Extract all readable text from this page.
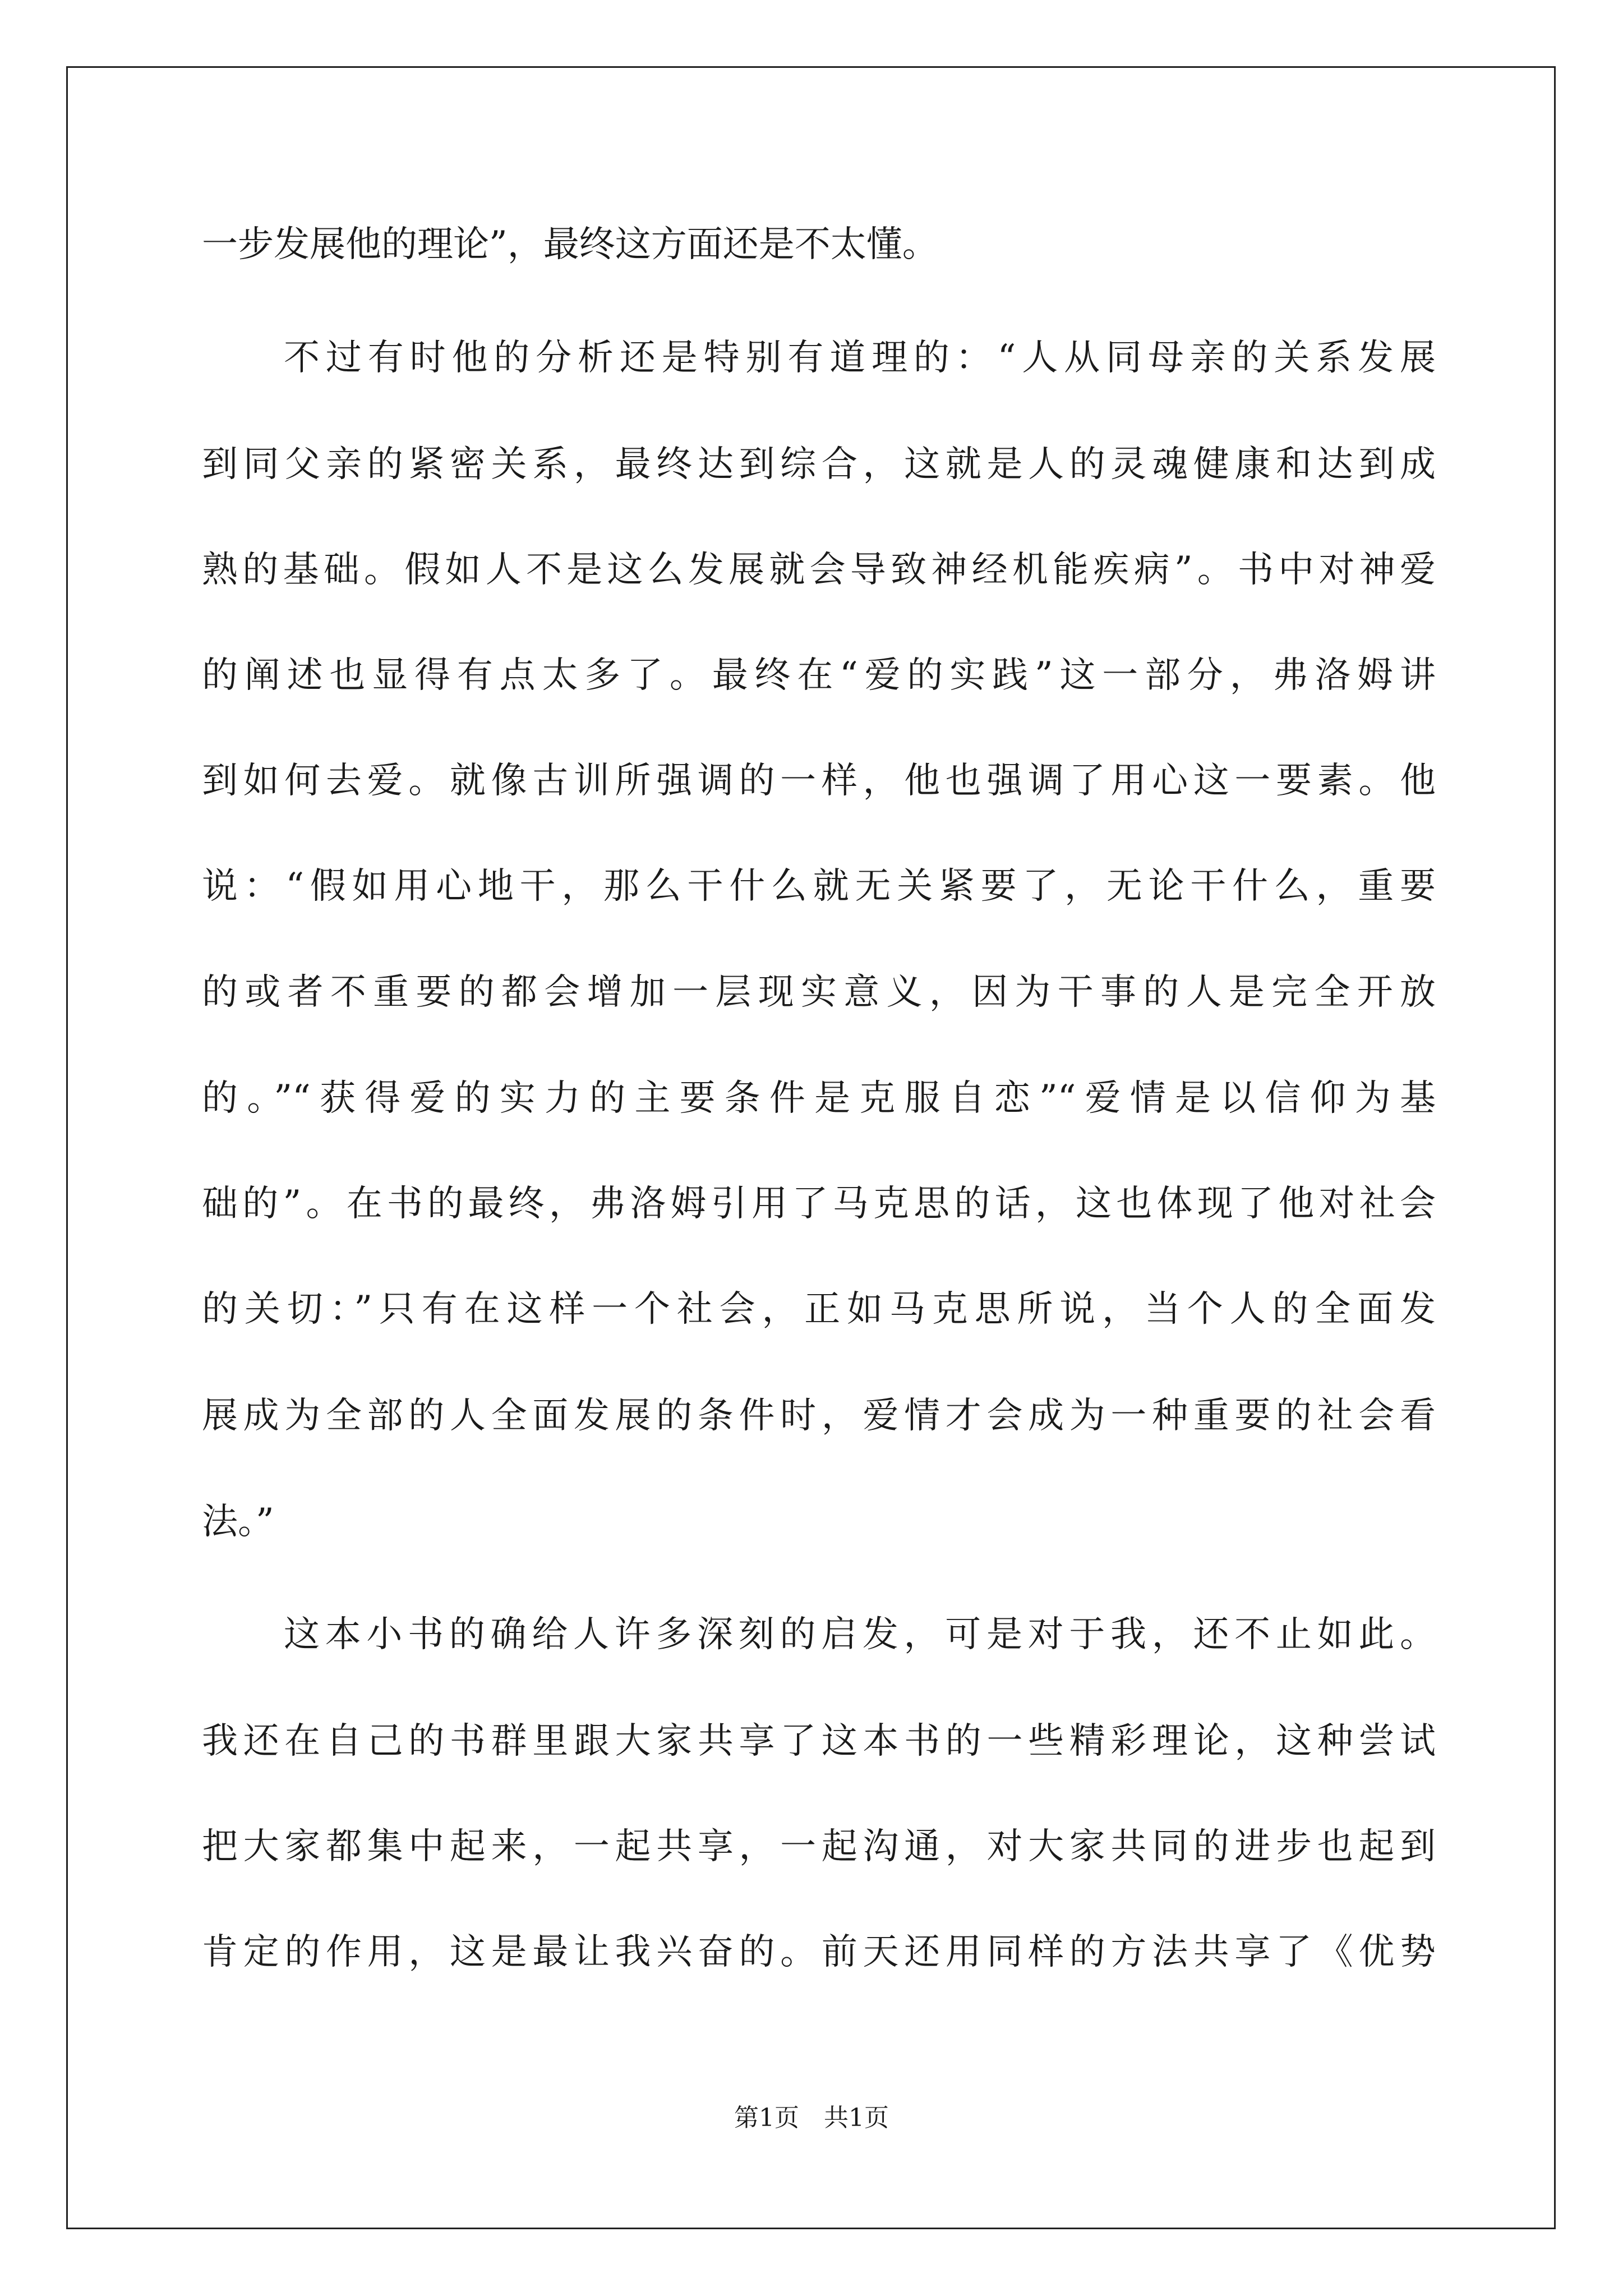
一步发展他的理论”，最终这方面还是不太懂。
不过有时他的分析还是特别有道理的：“人从同母亲的关系发展
到同父亲的紧密关系，最终达到综合，这就是人的灵魂健康和达到成
熟的基础。假如人不是这么发展就会导致神经机能疾病”。书中对神爱
的阐述也显得有点太多了。最终在“爱的实践”这一部分，弗洛姆讲
到如何去爱。就像古训所强调的一样，他也强调了用心这一要素。他
说：“假如用心地干，那么干什么就无关紧要了，无论干什么，重要
的或者不重要的都会增加一层现实意义，因为干事的人是完全开放
的。”“获得爱的实力的主要条件是克服自恋”“爱情是以信仰为基
础的”。在书的最终，弗洛姆引用了马克思的话，这也体现了他对社会
的关切：”只有在这样一个社会，正如马克思所说，当个人的全面发
展成为全部的人全面发展的条件时，爱情才会成为一种重要的社会看
法。”
这本小书的确给人许多深刻的启发，可是对于我，还不止如此。
我还在自己的书群里跟大家共享了这本书的一些精彩理论，这种尝试
把大家都集中起来，一起共享，一起沟通，对大家共同的进步也起到
肯定的作用，这是最让我兴奋的。前天还用同样的方法共享了《优势
第1页　共1页
